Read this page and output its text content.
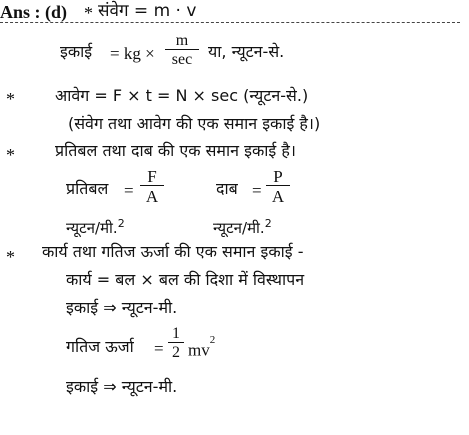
Ans : (d) * संवेग = m · v
इकाई = kg ×
m
sec या, न्यूटन-से.
*	आवेग = F × t = N × sec (न्यूटन-से.)
(संवेग तथा आवेग की एक समान इकाई है।)
*	प्रतिबल तथा दाब की एक समान इकाई है।
प्रतिबल = $\frac{F}{A}$	दाब = $\frac{P}{A}$
न्यूटन/मी.$^2$	न्यूटन/मी.$^2$
* कार्य तथा गतिज ऊर्जा की एक समान इकाई -
कार्य = बल × बल की दिशा में विस्थापन
इकाई ⇒ न्यूटन-मी.
गतिज ऊर्जा = $\frac{1}{2} mv^2$
इकाई ⇒ न्यूटन-मी.
